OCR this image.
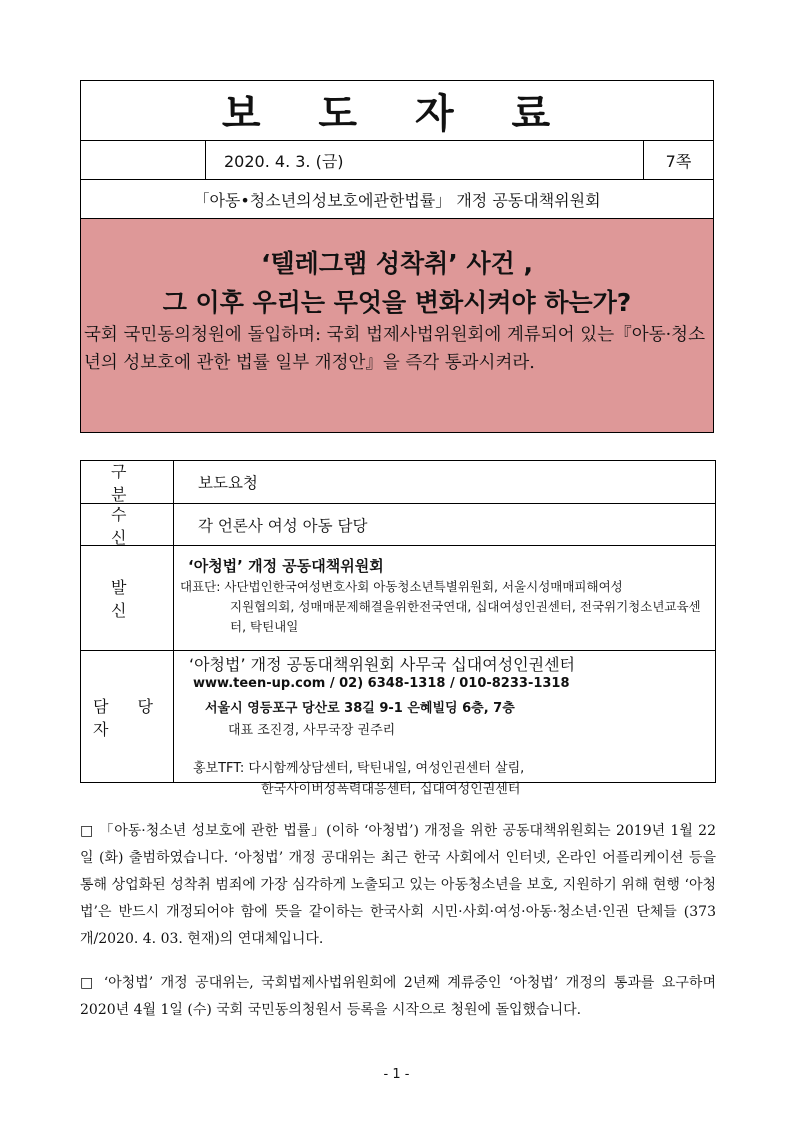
보 도 자 료
2020. 4. 3. (금)	7쪽
「아동•청소년의성보호에관한법률」 개정 공동대책위원회
‘텔레그램 성착취’ 사건 ,
그 이후 우리는 무엇을 변화시켜야 하는가?
국회 국민동의청원에 돌입하며: 국회 법제사법위원회에 계류되어 있는『아동·청소년의 성보호에 관한 법률 일부 개정안』을 즉각 통과시켜라.
구 분
보도요청
수 신
각 언론사 여성 아동 담당
발 신
‘아청법’ 개정 공동대책위원회
대표단: 사단법인한국여성변호사회 아동청소년특별위원회, 서울시성매매피해여성
지원협의회, 성매매문제해결을위한전국연대, 십대여성인권센터, 전국위기청소년교육센터, 탁틴내일
담 당 자
‘아청법’ 개정 공동대책위원회 사무국 십대여성인권센터
www.teen-up.com / 02) 6348-1318 / 010-8233-1318
서울시 영등포구 당산로 38길 9-1 은혜빌딩 6층, 7층
대표 조진경, 사무국장 권주리
홍보TFT: 다시함께상담센터, 탁틴내일, 여성인권센터 살림,
한국사이버성폭력대응센터, 십대여성인권센터
□ 「아동·청소년 성보호에 관한 법률」(이하 ‘아청법’) 개정을 위한 공동대책위원회는 2019년 1월 22일 (화) 출범하였습니다. ‘아청법’ 개정 공대위는 최근 한국 사회에서 인터넷, 온라인 어플리케이션 등을 통해 상업화된 성착취 범죄에 가장 심각하게 노출되고 있는 아동청소년을 보호, 지원하기 위해 현행 ‘아청법’은 반드시 개정되어야 함에 뜻을 같이하는 한국사회 시민·사회·여성·아동·청소년·인권 단체들 (373개/2020. 4. 03. 현재)의 연대체입니다.
□ ‘아청법’ 개정 공대위는, 국회법제사법위원회에 2년째 계류중인 ‘아청법’ 개정의 통과를 요구하며 2020년 4월 1일 (수) 국회 국민동의청원서 등록을 시작으로 청원에 돌입했습니다.
- 1 -
